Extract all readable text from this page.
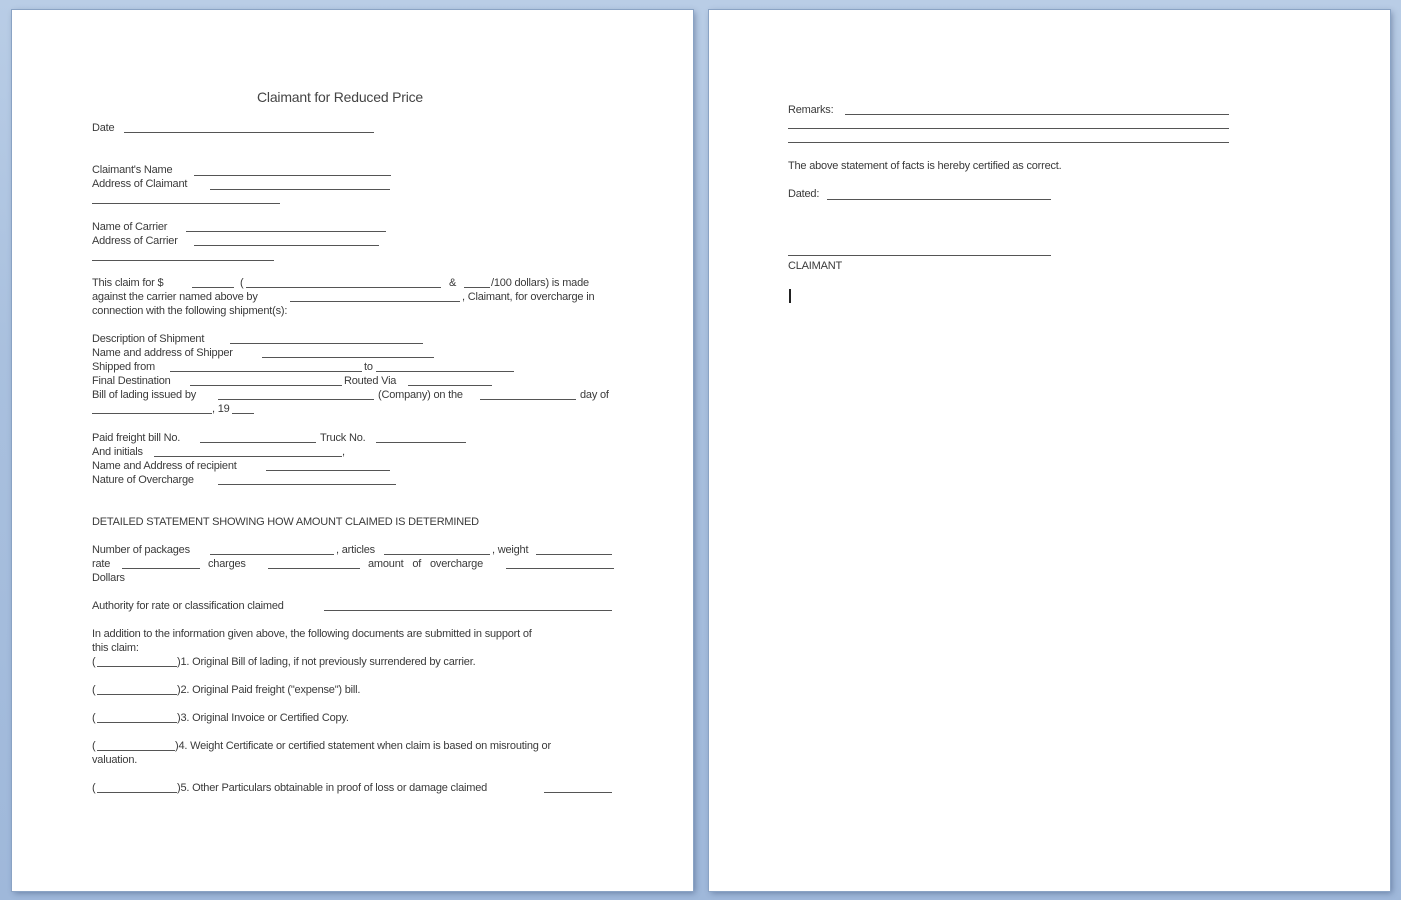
Claimant for Reduced Price
Date
Claimant's Name
Address of Claimant
Name of Carrier
Address of Carrier
This claim for $	(	&	/100 dollars) is made
against the carrier named above by	, Claimant, for overcharge in
connection with the following shipment(s):
Description of Shipment
Name and address of Shipper
Shipped from	to
Final Destination	Routed Via
Bill of lading issued by	(Company) on the	day of
, 19
Paid freight bill No.	Truck No.
And initials	,
Name and Address of recipient
Nature of Overcharge
DETAILED STATEMENT SHOWING HOW AMOUNT CLAIMED IS DETERMINED
Number of packages	, articles	, weight
rate	charges	amount of overcharge
Dollars
Authority for rate or classification claimed
In addition to the information given above, the following documents are submitted in support of
this claim:
(	)1. Original Bill of lading, if not previously surrendered by carrier.
(	)2. Original Paid freight ("expense") bill.
(	)3. Original Invoice or Certified Copy.
(	)4. Weight Certificate or certified statement when claim is based on misrouting or
valuation.
(	)5. Other Particulars obtainable in proof of loss or damage claimed
Remarks:
The above statement of facts is hereby certified as correct.
Dated:
CLAIMANT
